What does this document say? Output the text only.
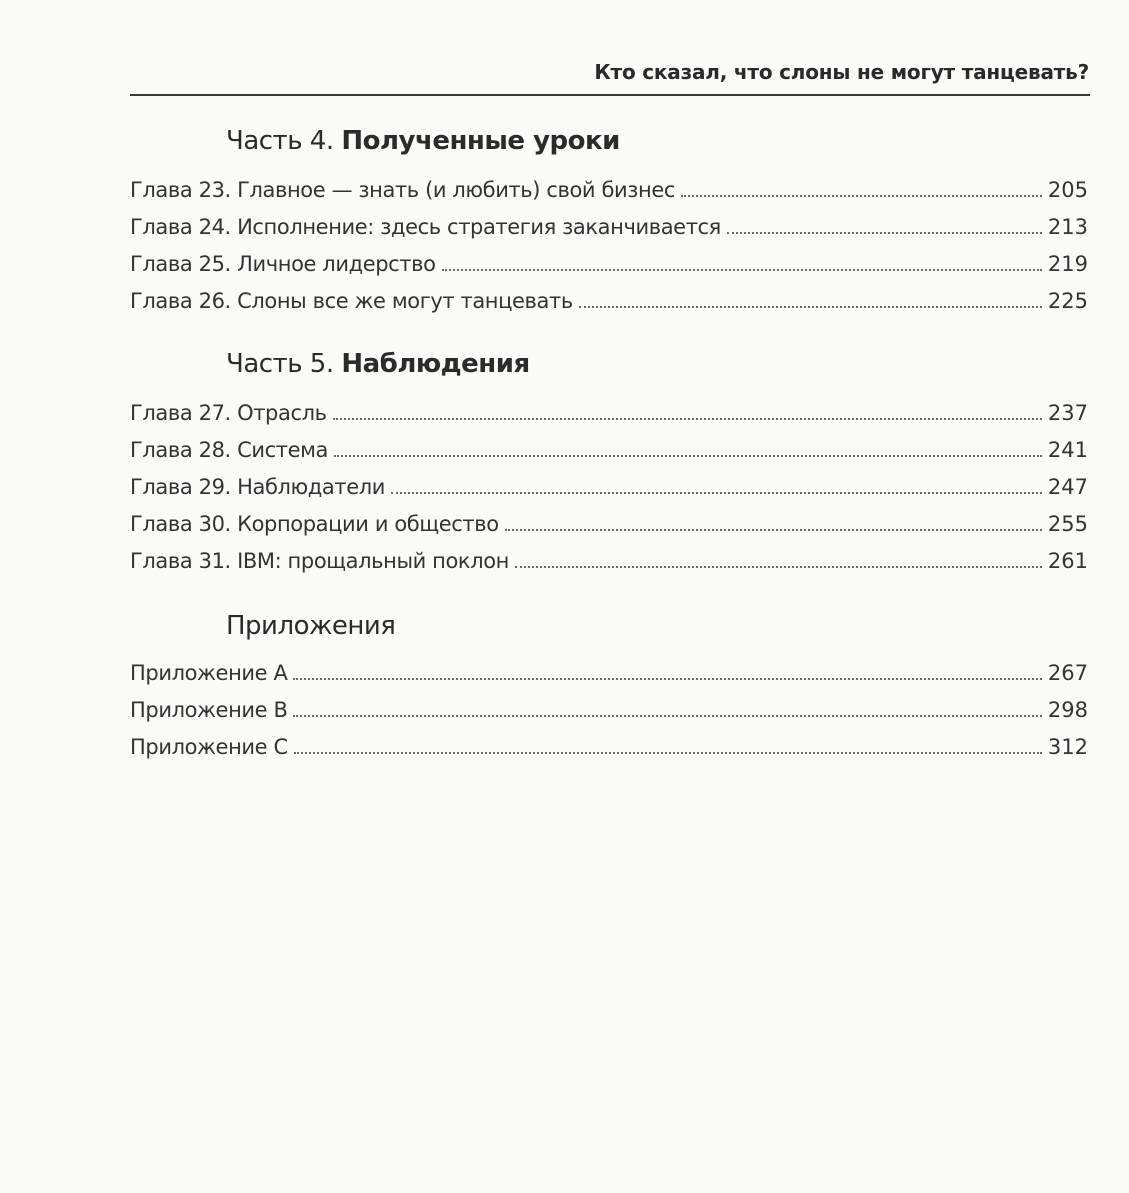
Кто сказал, что слоны не могут танцевать?
Часть 4. Полученные уроки
Глава 23. Главное — знать (и любить) свой бизнес	205
Глава 24. Исполнение: здесь стратегия заканчивается	213
Глава 25. Личное лидерство	219
Глава 26. Слоны все же могут танцевать	225
Часть 5. Наблюдения
Глава 27. Отрасль	237
Глава 28. Система	241
Глава 29. Наблюдатели	247
Глава 30. Корпорации и общество	255
Глава 31. IBM: прощальный поклон	261
Приложения
Приложение А	267
Приложение В	298
Приложение С	312
